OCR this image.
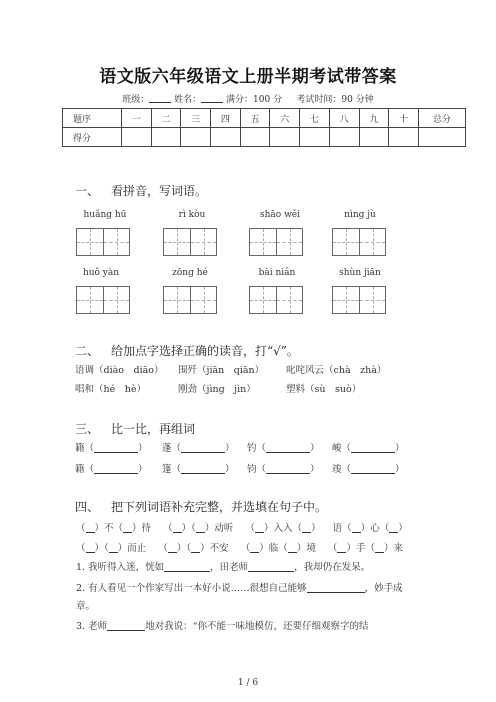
语文版六年级语文上册半期考试带答案
班级：	姓名：	满分：100 分 考试时间：90 分钟
题序	一	二	三	四	五	六	七	八	九	十	总分
得分											
一、 看拼音，写词语。
huǎng hū	rì kòu	shāo wěi	nìng jù
huǒ yàn	zōng hé	bài nián	shùn jiān
二、 给加点字选择正确的读音，打“√”。
语调（diào　diāo） 围歼（jiān　qiān） 叱咤风云（chà　zhà）
唱和（hé　hè）	刚劲（jìng　jìn）	塑料（sù　suò）
三、 比一比，再组词
籍（	） 蓬（	） 钓（	） 峻（	）
籍（	） 篷（	） 钧（	） 竣（	）
四、 把下列词语补充完整，并选填在句子中。
（ ）不（ ）待 （ ）（ ）动听 （ ）入入（ ） 语（ ）心（ ）
（ ）（ ）而止 （ ）（ ）不安 （ ）临（ ）境 （ ）手（ ）来
1. 我听得入迷，恍如	，田老师	，我却仍在发呆。
2. 有人看见一个作家写出一本好小说……很想自己能够	，妙手成
章。
3. 老师	地对我说：“你不能一味地模仿，还要仔细观察字的结
1 / 6
